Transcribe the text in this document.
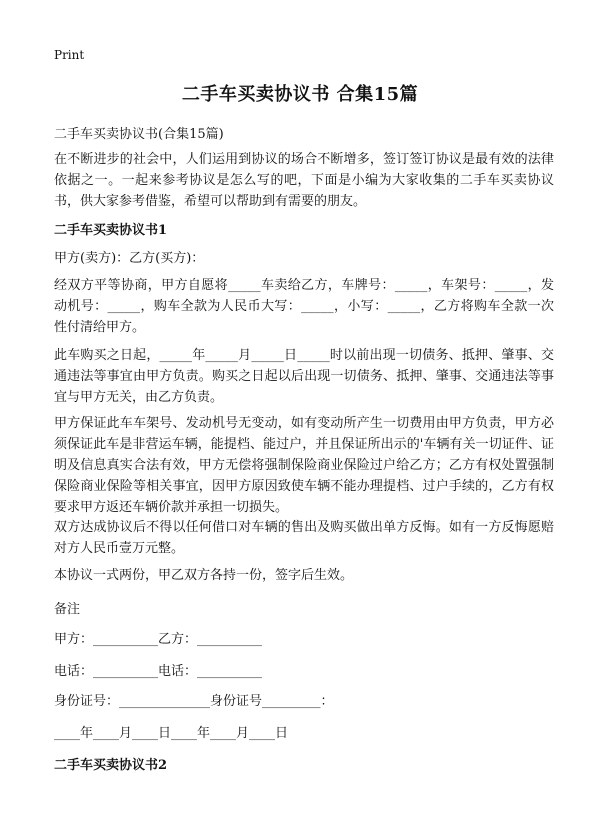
Print
二手车买卖协议书 合集15篇
二手车买卖协议书(合集15篇)
在不断进步的社会中，人们运用到协议的场合不断增多，签订签订协议是最有效的法律依据之一。一起来参考协议是怎么写的吧，下面是小编为大家收集的二手车买卖协议书，供大家参考借鉴，希望可以帮助到有需要的朋友。
二手车买卖协议书1
甲方(卖方)：乙方(买方)：
经双方平等协商，甲方自愿将_____车卖给乙方，车牌号：_____，车架号：_____，发动机号：_____，购车全款为人民币大写：_____，小写：_____，乙方将购车全款一次性付清给甲方。
此车购买之日起，_____年_____月_____日_____时以前出现一切债务、抵押、肇事、交通违法等事宜由甲方负责。购买之日起以后出现一切债务、抵押、肇事、交通违法等事宜与甲方无关，由乙方负责。
甲方保证此车车架号、发动机号无变动，如有变动所产生一切费用由甲方负责，甲方必须保证此车是非营运车辆，能提档、能过户，并且保证所出示的'车辆有关一切证件、证明及信息真实合法有效，甲方无偿将强制保险商业保险过户给乙方；乙方有权处置强制保险商业保险等相关事宜，因甲方原因致使车辆不能办理提档、过户手续的，乙方有权要求甲方返还车辆价款并承担一切损失。
双方达成协议后不得以任何借口对车辆的售出及购买做出单方反悔。如有一方反悔愿赔对方人民币壹万元整。
本协议一式两份，甲乙双方各持一份，签字后生效。
备注
甲方：__________乙方：__________
电话：__________电话：__________
身份证号：______________身份证号_________：
____年____月____日____年____月____日
二手车买卖协议书2
